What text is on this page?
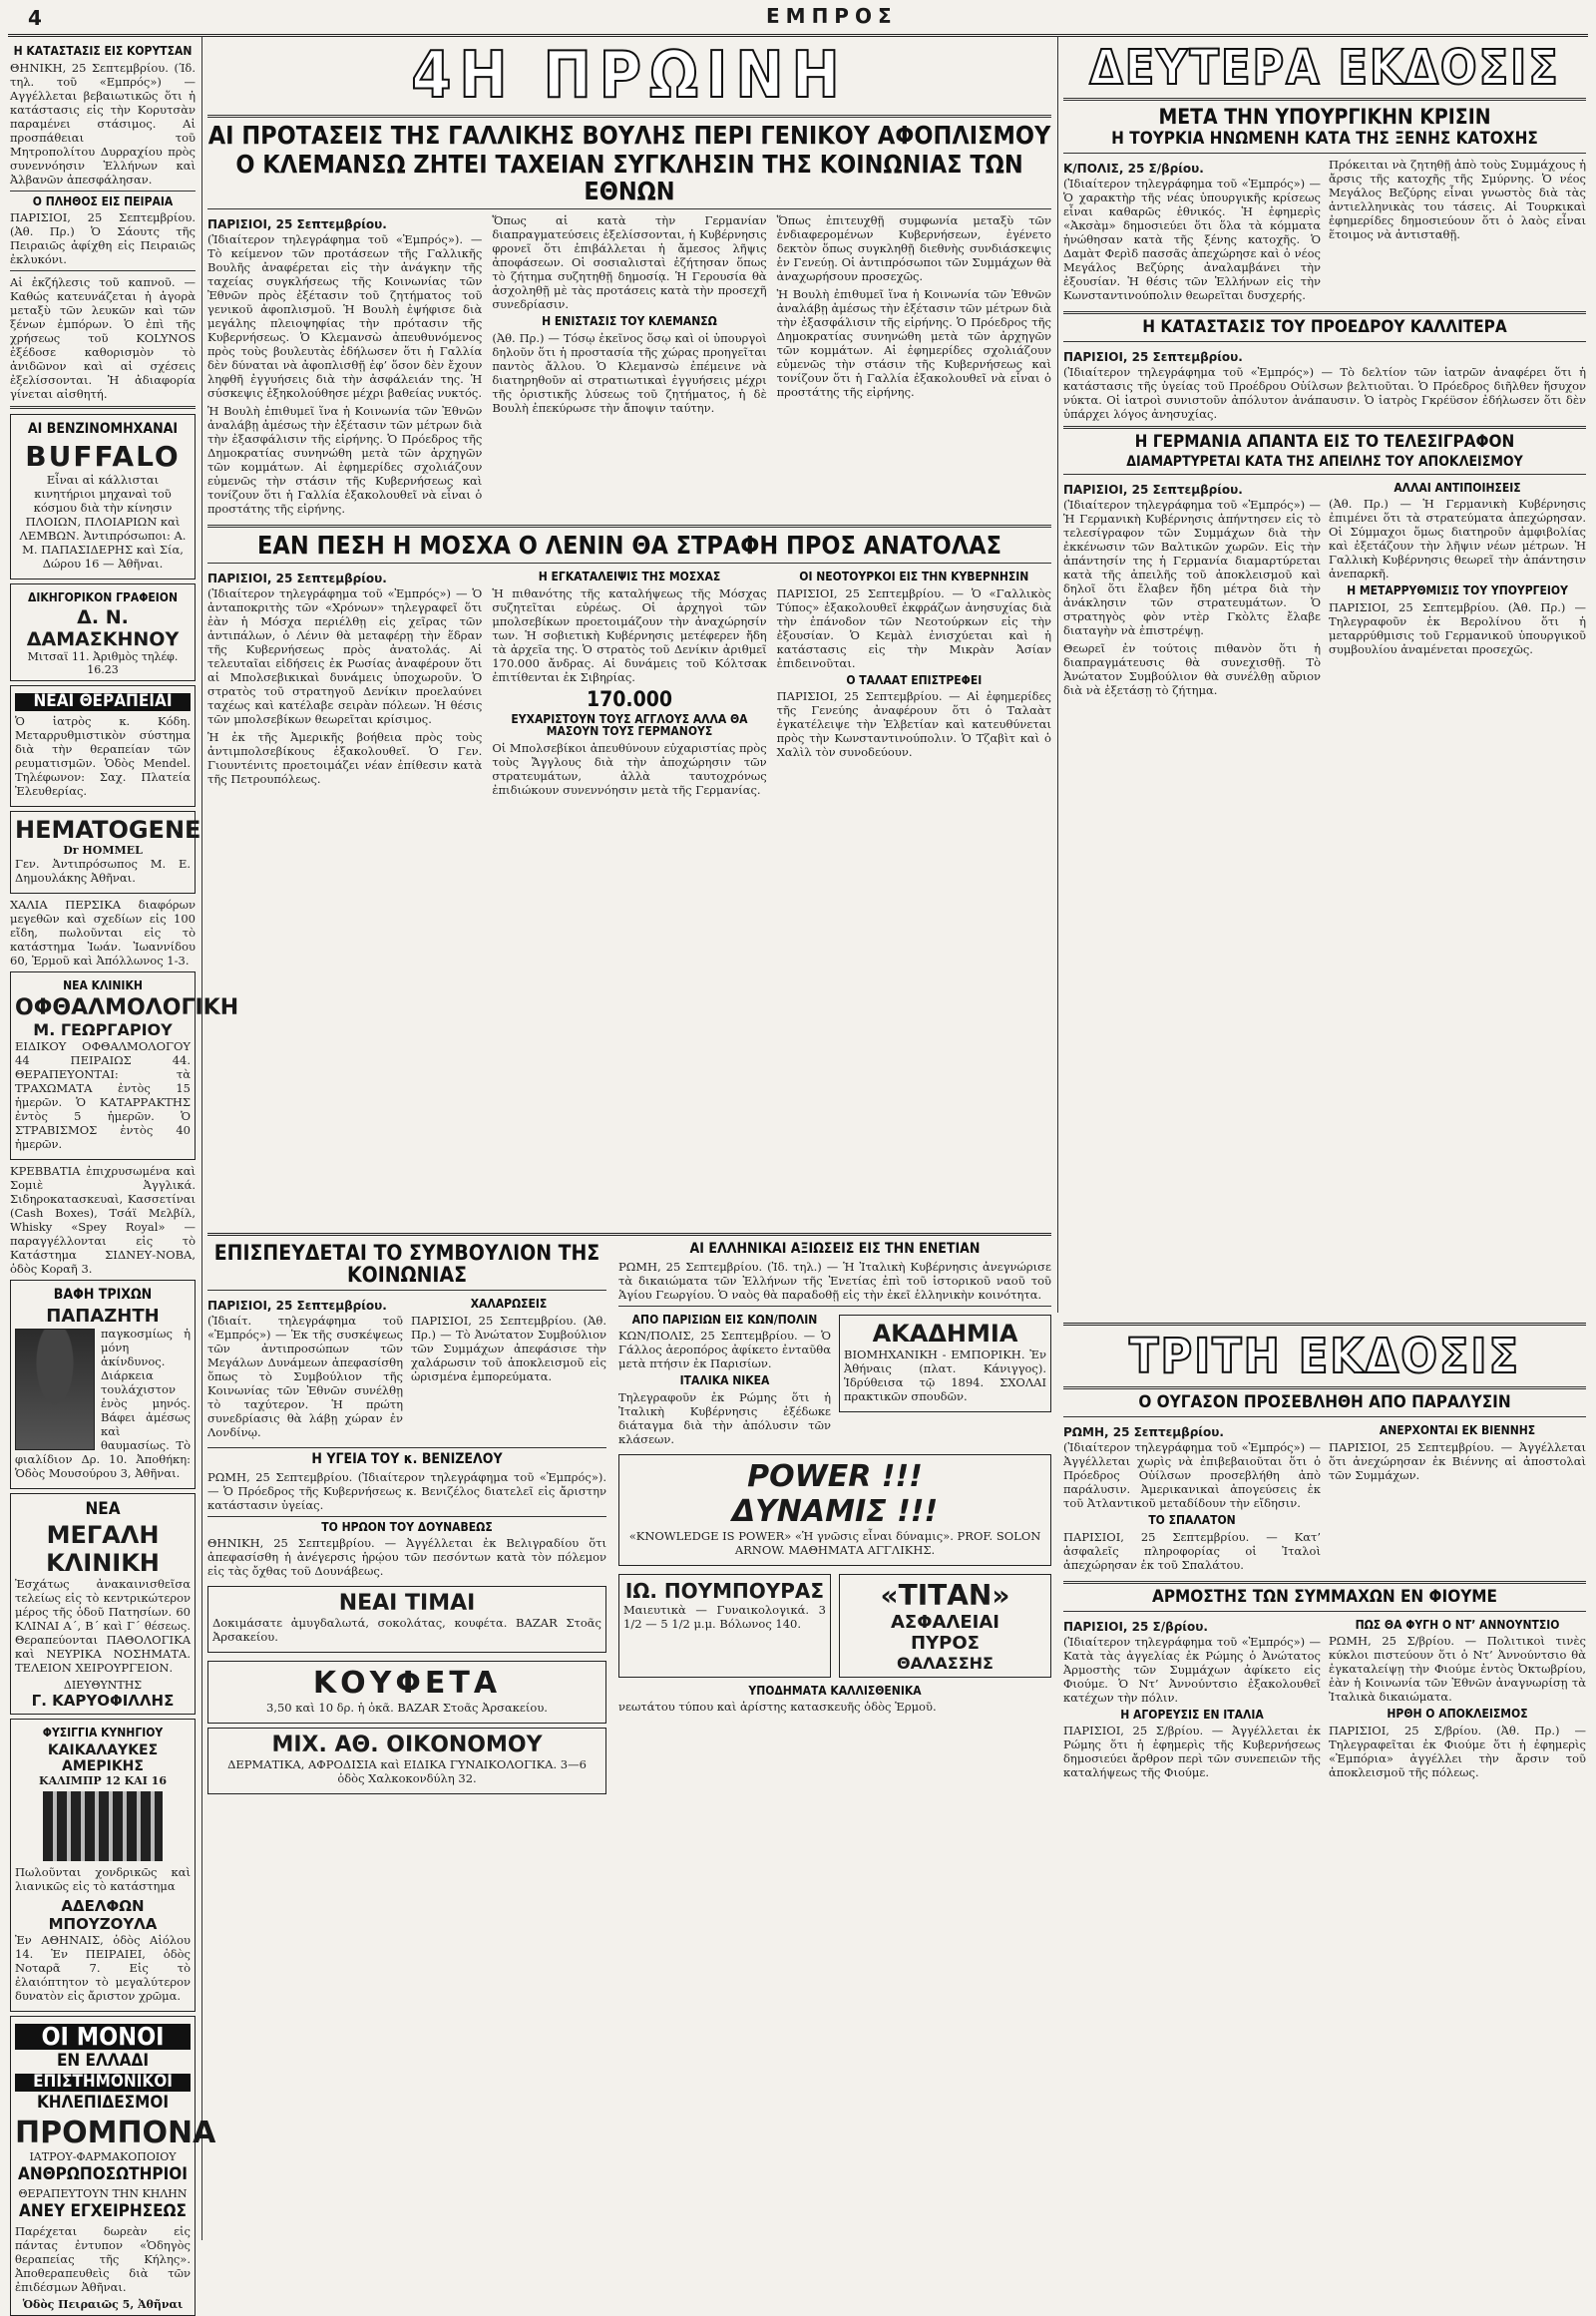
4	ΕΜΠΡΟΣ
Η ΚΑΤΑΣΤΑΣΙΣ ΕΙΣ ΚΟΡΥΤΣΑΝ

ΘΗΝΙΚΗ, 25 Σεπτεμβρίου. (Ίδ. τηλ. τοῦ «Εμπρός») — Αγγέλλεται βεβαιωτικῶς ὅτι ἡ κατάστασις εἰς τὴν Κορυτσὰν παραμένει στάσιμος. Αἱ προσπάθειαι τοῦ Μητροπολίτου Δυρραχίου πρὸς συνεννόησιν Ἑλλήνων καὶ Ἀλβανῶν ἀπεσφάλησαν.

Ο ΠΛΗΘΟΣ ΕΙΣ ΠΕΙΡΑΙΑ

ΠΑΡΙΣΙΟΙ, 25 Σεπτεμβρίου. (Ἀθ. Πρ.) Ὁ Σάουτς τῆς Πειραιῶς ἀφίχθη εἰς Πειραιῶς ἐκλυκόνι.

Αἱ ἐκζήλεσις τοῦ καπνοῦ. — Καθώς κατευνάζεται ἡ ἀγορὰ μεταξὺ τῶν λευκῶν καὶ τῶν ξένων ἐμπόρων. Ὁ ἐπὶ τῆς χρήσεως τοῦ KOLYNOS ἐξέδοσε καθορισμὸν τὸ ἀνιδῶνον καὶ αἱ σχέσεις ἐξελίσσονται. Ἡ ἀδιαφορία γίνεται αἰσθητή.

ΑΙ ΒΕΝΖΙΝΟΜΗΧΑΝΑΙ
BUFFALO

Εἶναι αἱ κάλλισται κινητήριοι μηχαναὶ τοῦ κόσμου διὰ τὴν κίνησιν ΠΛΟΙΩΝ, ΠΛΟΙΑΡΙΩΝ καὶ ΛΕΜΒΩΝ. Ἀντιπρόσωποι: Α. Μ. ΠΑΠΑΣΙΔΕΡΗΣ καὶ Σία, Δώρου 16 — Ἀθῆναι.

ΔΙΚΗΓΟΡΙΚΟΝ ΓΡΑΦΕΙΟΝ
Δ. Ν. ΔΑΜΑΣΚΗΝΟΥ
Μιτσαϊ 11. Ἀριθμὸς τηλέφ. 16.23
ΝΕΑΙ ΘΕΡΑΠΕΙΑΙ

Ὁ ἰατρὸς κ. Κόδη. Μεταρρυθμιστικὸν σύστημα διὰ τὴν θεραπείαν τῶν ρευματισμῶν. Ὁδὸς Mendel. Τηλέφωνον: Σαχ. Πλατεία Ἐλευθερίας.

HEMATOGENE
Dr HOMMEL

Γεν. Ἀντιπρόσωπος Μ. Ε. Δημουλάκης Ἀθῆναι.

ΧΑΛΙΑ ΠΕΡΣΙΚΑ διαφόρων μεγεθῶν καὶ σχεδίων εἰς 100 εἴδη, πωλοῦνται εἰς τὸ κατάστημα Ἰωάν. Ἰωαννίδου 60, Ἑρμοῦ καὶ Ἀπόλλωνος 1-3.

ΝΕΑ ΚΛΙΝΙΚΗ
ΟΦΘΑΛΜΟΛΟΓΙΚΗ
Μ. ΓΕΩΡΓΑΡΙΟΥ

ΕΙΔΙΚΟΥ ΟΦΘΑΛΜΟΛΟΓΟΥ 44 ΠΕΙΡΑΙΩΣ 44. ΘΕΡΑΠΕΥΟΝΤΑΙ: τὰ ΤΡΑΧΩΜΑΤΑ ἐντὸς 15 ἡμερῶν. Ὁ ΚΑΤΑΡΡΑΚΤΗΣ ἐντὸς 5 ἡμερῶν. Ὁ ΣΤΡΑΒΙΣΜΟΣ ἐντὸς 40 ἡμερῶν.

ΚΡΕΒΒΑΤΙΑ ἐπιχρυσωμένα καὶ Σομιὲ Ἀγγλικά. Σιδηροκατασκευαὶ, Κασσετίναι (Cash Boxes), Τσάϊ Μελβίλ, Whisky «Spey Royal» — παραγγέλλονται εἰς τὸ Κατάστημα ΣΙΔΝΕΥ-ΝΟΒΑ, ὁδὸς Κοραῆ 3.

ΒΑΦΗ ΤΡΙΧΩΝ
ΠΑΠΑΖΗΤΗ

παγκοσμίως ἡ μόνη ἀκίνδυνος. Διάρκεια τουλάχιστον ἑνὸς μηνός. Βάφει ἀμέσως καὶ θαυμασίως. Τὸ φιαλίδιον Δρ. 10. Ἀποθήκη: Ὁδὸς Μουσούρου 3, Ἀθῆναι.

ΝΕΑ
ΜΕΓΑΛΗ ΚΛΙΝΙΚΗ

Ἐσχάτως ἀνακαινισθεῖσα τελείως εἰς τὸ κεντρικώτερον μέρος τῆς ὁδοῦ Πατησίων. 60 ΚΛΙΝΑΙ Α΄, Β΄ καὶ Γ΄ θέσεως. Θεραπεύονται ΠΑΘΟΛΟΓΙΚΑ καὶ ΝΕΥΡΙΚΑ ΝΟΣΗΜΑΤΑ. ΤΕΛΕΙΟΝ ΧΕΙΡΟΥΡΓΕΙΟΝ.

ΔΙΕΥΘΥΝΤΗΣ
Γ. ΚΑΡΥΟΦΙΛΛΗΣ
ΦΥΣΙΓΓΙΑ ΚΥΝΗΓΙΟΥ
ΚΑΙΚΑΛΑΥΚΕΣ ΑΜΕΡΙΚΗΣ
ΚΑΛΙΜΠΡ 12 ΚΑΙ 16

Πωλοῦνται χονδρικῶς καὶ λιανικῶς εἰς τὸ κατάστημα

ΑΔΕΛΦΩΝ ΜΠΟΥΖΟΥΛΑ

Ἐν ΑΘΗΝΑΙΣ, ὁδὸς Αἰόλου 14. Ἐν ΠΕΙΡΑΙΕΙ, ὁδὸς Νοταρᾶ 7. Εἰς τὸ ἐλαιόπτητον τὸ μεγαλύτερον δυνατὸν εἰς ἄριστον χρῶμα.

ΟΙ ΜΟΝΟΙ
ΕΝ ΕΛΛΑΔΙ
ΕΠΙΣΤΗΜΟΝΙΚΟΙ
ΚΗΛΕΠΙΔΕΣΜΟΙ
ΠΡΟΜΠΟΝΑ
ΙΑΤΡΟΥ-ΦΑΡΜΑΚΟΠΟΙΟΥ
ΑΝΘΡΩΠΟΣΩΤΗΡΙΟΙ
ΘΕΡΑΠΕΥΤΟΥΝ ΤΗΝ ΚΗΛΗΝ
ΑΝΕΥ ΕΓΧΕΙΡΗΣΕΩΣ

Παρέχεται δωρεὰν εἰς πάντας ἐντυπον «Ὁδηγὸς θεραπείας τῆς Κήλης». Ἀποθεραπευθεὶς διὰ τῶν ἐπιδέσμων Ἀθῆναι.

Ὁδὸς Πειραιῶς 5, Ἀθῆναι
4Η ΠΡΩΙΝΗ
ΑΙ ΠΡΟΤΑΣΕΙΣ ΤΗΣ ΓΑΛΛΙΚΗΣ ΒΟΥΛΗΣ ΠΕΡΙ ΓΕΝΙΚΟΥ ΑΦΟΠΛΙΣΜΟΥ
Ο ΚΛΕΜΑΝΣΩ ΖΗΤΕΙ ΤΑΧΕΙΑΝ ΣΥΓΚΛΗΣΙΝ ΤΗΣ ΚΟΙΝΩΝΙΑΣ ΤΩΝ ΕΘΝΩΝ
ΠΑΡΙΣΙΟΙ, 25 Σεπτεμβρίου.

(Ἰδιαίτερον τηλεγράφημα τοῦ «Ἐμπρός»). — Τὸ κείμενον τῶν προτάσεων τῆς Γαλλικῆς Βουλῆς ἀναφέρεται εἰς τὴν ἀνάγκην τῆς ταχείας συγκλήσεως τῆς Κοινωνίας τῶν Ἐθνῶν πρὸς ἐξέτασιν τοῦ ζητήματος τοῦ γενικοῦ ἀφοπλισμοῦ. Ἡ Βουλὴ ἐψήφισε διὰ μεγάλης πλειοψηφίας τὴν πρότασιν τῆς Κυβερνήσεως. Ὁ Κλεμανσὼ ἀπευθυνόμενος πρὸς τοὺς βουλευτὰς ἐδήλωσεν ὅτι ἡ Γαλλία δὲν δύναται νὰ ἀφοπλισθῇ ἐφ’ ὅσον δὲν ἔχουν ληφθῆ ἐγγυήσεις διὰ τὴν ἀσφάλειάν της. Ἡ σύσκεψις ἐξηκολούθησε μέχρι βαθείας νυκτός.

Ἡ Βουλὴ ἐπιθυμεῖ ἵνα ἡ Κοινωνία τῶν Ἐθνῶν ἀναλάβῃ ἀμέσως τὴν ἐξέτασιν τῶν μέτρων διὰ τὴν ἐξασφάλισιν τῆς εἰρήνης. Ὁ Πρόεδρος τῆς Δημοκρατίας συνηνώθη μετὰ τῶν ἀρχηγῶν τῶν κομμάτων. Αἱ ἐφημερίδες σχολιάζουν εὐμενῶς τὴν στάσιν τῆς Κυβερνήσεως καὶ τονίζουν ὅτι ἡ Γαλλία ἐξακολουθεῖ νὰ εἶναι ὁ προστάτης τῆς εἰρήνης.

Ὅπως αἱ κατὰ τὴν Γερμανίαν διαπραγματεύσεις ἐξελίσσονται, ἡ Κυβέρνησις φρονεῖ ὅτι ἐπιβάλλεται ἡ ἄμεσος λῆψις ἀποφάσεων. Οἱ σοσιαλισταὶ ἐζήτησαν ὅπως τὸ ζήτημα συζητηθῇ δημοσίᾳ. Ἡ Γερουσία θὰ ἀσχοληθῇ μὲ τὰς προτάσεις κατὰ τὴν προσεχῆ συνεδρίασιν.

Η ΕΝΙΣΤΑΣΙΣ ΤΟΥ ΚΛΕΜΑΝΣΩ

(Ἀθ. Πρ.) — Τόσῳ ἐκεῖνος ὅσῳ καὶ οἱ ὑπουργοὶ δηλοῦν ὅτι ἡ προστασία τῆς χώρας προηγεῖται παντὸς ἄλλου. Ὁ Κλεμανσὼ ἐπέμεινε νὰ διατηρηθοῦν αἱ στρατιωτικαὶ ἐγγυήσεις μέχρι τῆς ὁριστικῆς λύσεως τοῦ ζητήματος, ἡ δὲ Βουλὴ ἐπεκύρωσε τὴν ἄποψιν ταύτην.

Ὅπως ἐπιτευχθῇ συμφωνία μεταξὺ τῶν ἐνδιαφερομένων Κυβερνήσεων, ἐγένετο δεκτὸν ὅπως συγκληθῇ διεθνὴς συνδιάσκεψις ἐν Γενεύῃ. Οἱ ἀντιπρόσωποι τῶν Συμμάχων θὰ ἀναχωρήσουν προσεχῶς.

Ἡ Βουλὴ ἐπιθυμεῖ ἵνα ἡ Κοινωνία τῶν Ἐθνῶν ἀναλάβῃ ἀμέσως τὴν ἐξέτασιν τῶν μέτρων διὰ τὴν ἐξασφάλισιν τῆς εἰρήνης. Ὁ Πρόεδρος τῆς Δημοκρατίας συνηνώθη μετὰ τῶν ἀρχηγῶν τῶν κομμάτων. Αἱ ἐφημερίδες σχολιάζουν εὐμενῶς τὴν στάσιν τῆς Κυβερνήσεως καὶ τονίζουν ὅτι ἡ Γαλλία ἐξακολουθεῖ νὰ εἶναι ὁ προστάτης τῆς εἰρήνης.

ΕΑΝ ΠΕΣΗ Η ΜΟΣΧΑ Ο ΛΕΝΙΝ ΘΑ ΣΤΡΑΦΗ ΠΡΟΣ ΑΝΑΤΟΛΑΣ
ΠΑΡΙΣΙΟΙ, 25 Σεπτεμβρίου.

(Ἰδιαίτερον τηλεγράφημα τοῦ «Ἐμπρός») — Ὁ ἀνταποκριτὴς τῶν «Χρόνων» τηλεγραφεῖ ὅτι ἐὰν ἡ Μόσχα περιέλθῃ εἰς χεῖρας τῶν ἀντιπάλων, ὁ Λένιν θὰ μεταφέρῃ τὴν ἕδραν τῆς Κυβερνήσεως πρὸς ἀνατολάς. Αἱ τελευταῖαι εἰδήσεις ἐκ Ρωσίας ἀναφέρουν ὅτι αἱ Μπολσεβικικαὶ δυνάμεις ὑποχωροῦν. Ὁ στρατὸς τοῦ στρατηγοῦ Δενίκιν προελαύνει ταχέως καὶ κατέλαβε σειρὰν πόλεων. Ἡ θέσις τῶν μπολσεβίκων θεωρεῖται κρίσιμος.

Ἡ ἐκ τῆς Ἀμερικῆς βοήθεια πρὸς τοὺς ἀντιμπολσεβίκους ἐξακολουθεῖ. Ὁ Γεν. Γιουντένιτς προετοιμάζει νέαν ἐπίθεσιν κατὰ τῆς Πετρουπόλεως.

Η ΕΓΚΑΤΑΛΕΙΨΙΣ ΤΗΣ ΜΟΣΧΑΣ

Ἡ πιθανότης τῆς καταλήψεως τῆς Μόσχας συζητεῖται εὐρέως. Οἱ ἀρχηγοὶ τῶν μπολσεβίκων προετοιμάζουν τὴν ἀναχώρησίν των. Ἡ σοβιετικὴ Κυβέρνησις μετέφερεν ἤδη τὰ ἀρχεῖα της. Ὁ στρατὸς τοῦ Δενίκιν ἀριθμεῖ 170.000 ἄνδρας. Αἱ δυνάμεις τοῦ Κόλτσακ ἐπιτίθενται ἐκ Σιβηρίας.

170.000
ΕΥΧΑΡΙΣΤΟΥΝ ΤΟΥΣ ΑΓΓΛΟΥΣ ΑΛΛΑ ΘΑ ΜΑΣΟΥΝ ΤΟΥΣ ΓΕΡΜΑΝΟΥΣ

Οἱ Μπολσεβίκοι ἀπευθύνουν εὐχαριστίας πρὸς τοὺς Ἄγγλους διὰ τὴν ἀποχώρησιν τῶν στρατευμάτων, ἀλλὰ ταυτοχρόνως ἐπιδιώκουν συνεννόησιν μετὰ τῆς Γερμανίας.

ΟΙ ΝΕΟΤΟΥΡΚΟΙ ΕΙΣ ΤΗΝ ΚΥΒΕΡΝΗΣΙΝ

ΠΑΡΙΣΙΟΙ, 25 Σεπτεμβρίου. — Ὁ «Γαλλικὸς Τύπος» ἐξακολουθεῖ ἐκφράζων ἀνησυχίας διὰ τὴν ἐπάνοδον τῶν Νεοτούρκων εἰς τὴν ἐξουσίαν. Ὁ Κεμὰλ ἐνισχύεται καὶ ἡ κατάστασις εἰς τὴν Μικρὰν Ἀσίαν ἐπιδεινοῦται.

Ο ΤΑΛΑΑΤ ΕΠΙΣΤΡΕΦΕΙ

ΠΑΡΙΣΙΟΙ, 25 Σεπτεμβρίου. — Αἱ ἐφημερίδες τῆς Γενεύης ἀναφέρουν ὅτι ὁ Ταλαὰτ ἐγκατέλειψε τὴν Ἑλβετίαν καὶ κατευθύνεται πρὸς τὴν Κωνσταντινούπολιν. Ὁ Τζαβὶτ καὶ ὁ Χαλὶλ τὸν συνοδεύουν.

ΕΠΙΣΠΕΥΔΕΤΑΙ ΤΟ ΣΥΜΒΟΥΛΙΟΝ ΤΗΣ ΚΟΙΝΩΝΙΑΣ
ΠΑΡΙΣΙΟΙ, 25 Σεπτεμβρίου.

(Ἰδιαίτ. τηλεγράφημα τοῦ «Ἐμπρός») — Ἐκ τῆς συσκέψεως τῶν ἀντιπροσώπων τῶν Μεγάλων Δυνάμεων ἀπεφασίσθη ὅπως τὸ Συμβούλιον τῆς Κοινωνίας τῶν Ἐθνῶν συνέλθῃ τὸ ταχύτερον. Ἡ πρώτη συνεδρίασις θὰ λάβῃ χώραν ἐν Λονδίνῳ.

ΧΑΛΑΡΩΣΕΙΣ

ΠΑΡΙΣΙΟΙ, 25 Σεπτεμβρίου. (Ἀθ. Πρ.) — Τὸ Ἀνώτατον Συμβούλιον τῶν Συμμάχων ἀπεφάσισε τὴν χαλάρωσιν τοῦ ἀποκλεισμοῦ εἰς ὡρισμένα ἐμπορεύματα.

Η ΥΓΕΙΑ ΤΟΥ κ. ΒΕΝΙΖΕΛΟΥ

ΡΩΜΗ, 25 Σεπτεμβρίου. (Ἰδιαίτερον τηλεγράφημα τοῦ «Ἐμπρός»). — Ὁ Πρόεδρος τῆς Κυβερνήσεως κ. Βενιζέλος διατελεῖ εἰς ἄριστην κατάστασιν ὑγείας.

ΤΟ ΗΡΩΟΝ ΤΟΥ ΔΟΥΝΑΒΕΩΣ

ΘΗΝΙΚΗ, 25 Σεπτεμβρίου. — Ἀγγέλλεται ἐκ Βελιγραδίου ὅτι ἀπεφασίσθη ἡ ἀνέγερσις ἡρῴου τῶν πεσόντων κατὰ τὸν πόλεμον εἰς τὰς ὄχθας τοῦ Δουνάβεως.

ΝΕΑΙ ΤΙΜΑΙ

Δοκιμάσατε ἀμυγδαλωτά, σοκολάτας, κουφέτα. BAZAR Στοᾶς Ἀρσακείου.

ΚΟΥΦΕΤΑ

3,50 καὶ 10 δρ. ἡ ὀκᾶ. BAZAR Στοᾶς Ἀρσακείου.

ΜΙΧ. ΑΘ. ΟΙΚΟΝΟΜΟΥ

ΔΕΡΜΑΤΙΚΑ, ΑΦΡΟΔΙΣΙΑ καὶ ΕΙΔΙΚΑ ΓΥΝΑΙΚΟΛΟΓΙΚΑ. 3—6 ὁδὸς Χαλκοκονδύλη 32.

ΑΙ ΕΛΛΗΝΙΚΑΙ ΑΞΙΩΣΕΙΣ ΕΙΣ ΤΗΝ ΕΝΕΤΙΑΝ

ΡΩΜΗ, 25 Σεπτεμβρίου. (Ἰδ. τηλ.) — Ἡ Ἰταλικὴ Κυβέρνησις ἀνεγνώρισε τὰ δικαιώματα τῶν Ἑλλήνων τῆς Ἐνετίας ἐπὶ τοῦ ἱστορικοῦ ναοῦ τοῦ Ἁγίου Γεωργίου. Ὁ ναὸς θὰ παραδοθῇ εἰς τὴν ἐκεῖ ἑλληνικὴν κοινότητα.

ΑΠΟ ΠΑΡΙΣΙΩΝ ΕΙΣ ΚΩΝ/ΠΟΛΙΝ

ΚΩΝ/ΠΟΛΙΣ, 25 Σεπτεμβρίου. — Ὁ Γάλλος ἀεροπόρος ἀφίκετο ἐνταῦθα μετὰ πτήσιν ἐκ Παρισίων.

ΙΤΑΛΙΚΑ ΝΙΚΕΑ

Τηλεγραφοῦν ἐκ Ρώμης ὅτι ἡ Ἰταλικὴ Κυβέρνησις ἐξέδωκε διάταγμα διὰ τὴν ἀπόλυσιν τῶν κλάσεων.

ΑΚΑΔΗΜΙΑ

ΒΙΟΜΗΧΑΝΙΚΗ - ΕΜΠΟΡΙΚΗ. Ἐν Ἀθήναις (πλατ. Κάνιγγος). Ἱδρύθεισα τῷ 1894. ΣΧΟΛΑΙ πρακτικῶν σπουδῶν.

POWER !!!
ΔΥΝΑΜΙΣ !!!

«KNOWLEDGE IS POWER» «Ἡ γνῶσις εἶναι δύναμις». PROF. SOLON ARNOW. ΜΑΘΗΜΑΤΑ ΑΓΓΛΙΚΗΣ.

ΙΩ. ΠΟΥΜΠΟΥΡΑΣ

Μαιευτικὰ — Γυναικολογικά. 3 1/2 — 5 1/2 μ.μ. Βόλωνος 140.

«ΤΙΤΑΝ»
ΑΣΦΑΛΕΙΑΙ
ΠΥΡΟΣ
ΘΑΛΑΣΣΗΣ
ΥΠΟΔΗΜΑΤΑ ΚΑΛΛΙΣΘΕΝΙΚΑ

νεωτάτου τύπου καὶ ἀρίστης κατασκευῆς ὁδὸς Ἑρμοῦ.

ΔΕΥΤΕΡΑ ΕΚΔΟΣΙΣ
ΜΕΤΑ ΤΗΝ ΥΠΟΥΡΓΙΚΗΝ ΚΡΙΣΙΝ
Η ΤΟΥΡΚΙΑ ΗΝΩΜΕΝΗ ΚΑΤΑ ΤΗΣ ΞΕΝΗΣ ΚΑΤΟΧΗΣ
Κ/ΠΟΛΙΣ, 25 Σ/βρίου.

(Ἰδιαίτερον τηλεγράφημα τοῦ «Ἐμπρός») — Ὁ χαρακτὴρ τῆς νέας ὑπουργικῆς κρίσεως εἶναι καθαρῶς ἐθνικός. Ἡ ἐφημερὶς «Ἀκσὰμ» δημοσιεύει ὅτι ὅλα τὰ κόμματα ἡνώθησαν κατὰ τῆς ξένης κατοχῆς. Ὁ Δαμὰτ Φερὶδ πασσᾶς ἀπεχώρησε καὶ ὁ νέος Μεγάλος Βεζύρης ἀναλαμβάνει τὴν ἐξουσίαν. Ἡ θέσις τῶν Ἑλλήνων εἰς τὴν Κωνσταντινούπολιν θεωρεῖται δυσχερής.

Πρόκειται νὰ ζητηθῇ ἀπὸ τοὺς Συμμάχους ἡ ἄρσις τῆς κατοχῆς τῆς Σμύρνης. Ὁ νέος Μεγάλος Βεζύρης εἶναι γνωστὸς διὰ τὰς ἀντιελληνικὰς του τάσεις. Αἱ Τουρκικαὶ ἐφημερίδες δημοσιεύουν ὅτι ὁ λαὸς εἶναι ἕτοιμος νὰ ἀντισταθῇ.

Η ΚΑΤΑΣΤΑΣΙΣ ΤΟΥ ΠΡΟΕΔΡΟΥ ΚΑΛΛΙΤΕΡΑ
ΠΑΡΙΣΙΟΙ, 25 Σεπτεμβρίου.

(Ἰδιαίτερον τηλεγράφημα τοῦ «Ἐμπρός») — Τὸ δελτίον τῶν ἰατρῶν ἀναφέρει ὅτι ἡ κατάστασις τῆς ὑγείας τοῦ Προέδρου Οὐίλσων βελτιοῦται. Ὁ Πρόεδρος διῆλθεν ἥσυχον νύκτα. Οἱ ἰατροὶ συνιστοῦν ἀπόλυτον ἀνάπαυσιν. Ὁ ἰατρὸς Γκρέϋσον ἐδήλωσεν ὅτι δὲν ὑπάρχει λόγος ἀνησυχίας.

Η ΓΕΡΜΑΝΙΑ ΑΠΑΝΤΑ ΕΙΣ ΤΟ ΤΕΛΕΣΙΓΡΑΦΟΝ
ΔΙΑΜΑΡΤΥΡΕΤΑΙ ΚΑΤΑ ΤΗΣ ΑΠΕΙΛΗΣ ΤΟΥ ΑΠΟΚΛΕΙΣΜΟΥ
ΠΑΡΙΣΙΟΙ, 25 Σεπτεμβρίου.

(Ἰδιαίτερον τηλεγράφημα τοῦ «Ἐμπρός») — Ἡ Γερμανικὴ Κυβέρνησις ἀπήντησεν εἰς τὸ τελεσίγραφον τῶν Συμμάχων διὰ τὴν ἐκκένωσιν τῶν Βαλτικῶν χωρῶν. Εἰς τὴν ἀπάντησίν της ἡ Γερμανία διαμαρτύρεται κατὰ τῆς ἀπειλῆς τοῦ ἀποκλεισμοῦ καὶ δηλοῖ ὅτι ἔλαβεν ἤδη μέτρα διὰ τὴν ἀνάκλησιν τῶν στρατευμάτων. Ὁ στρατηγὸς φὸν ντὲρ Γκὸλτς ἔλαβε διαταγὴν νὰ ἐπιστρέψῃ.

Θεωρεῖ ἐν τούτοις πιθανὸν ὅτι ἡ διαπραγμάτευσις θὰ συνεχισθῇ. Τὸ Ἀνώτατον Συμβούλιον θὰ συνέλθῃ αὔριον διὰ νὰ ἐξετάσῃ τὸ ζήτημα.

ΑΛΛΑΙ ΑΝΤΙΠΟΙΗΣΕΙΣ

(Ἀθ. Πρ.) — Ἡ Γερμανικὴ Κυβέρνησις ἐπιμένει ὅτι τὰ στρατεύματα ἀπεχώρησαν. Οἱ Σύμμαχοι ὅμως διατηροῦν ἀμφιβολίας καὶ ἐξετάζουν τὴν λῆψιν νέων μέτρων. Ἡ Γαλλικὴ Κυβέρνησις θεωρεῖ τὴν ἀπάντησιν ἀνεπαρκῆ.

Η ΜΕΤΑΡΡΥΘΜΙΣΙΣ ΤΟΥ ΥΠΟΥΡΓΕΙΟΥ

ΠΑΡΙΣΙΟΙ, 25 Σεπτεμβρίου. (Ἀθ. Πρ.) — Τηλεγραφοῦν ἐκ Βερολίνου ὅτι ἡ μεταρρύθμισις τοῦ Γερμανικοῦ ὑπουργικοῦ συμβουλίου ἀναμένεται προσεχῶς.

ΤΡΙΤΗ ΕΚΔΟΣΙΣ
Ο ΟΥΓΑΣΟΝ ΠΡΟΣΕΒΛΗΘΗ ΑΠΟ ΠΑΡΑΛΥΣΙΝ
ΡΩΜΗ, 25 Σεπτεμβρίου.

(Ἰδιαίτερον τηλεγράφημα τοῦ «Ἐμπρός») — Ἀγγέλλεται χωρὶς νὰ ἐπιβεβαιοῦται ὅτι ὁ Πρόεδρος Οὐίλσων προσεβλήθη ἀπὸ παράλυσιν. Ἀμερικανικαὶ ἀπογεύσεις ἐκ τοῦ Ἀτλαντικοῦ μεταδίδουν τὴν εἴδησιν.

ΤΟ ΣΠΑΛΑΤΟΝ

ΠΑΡΙΣΙΟΙ, 25 Σεπτεμβρίου. — Κατ’ ἀσφαλεῖς πληροφορίας οἱ Ἰταλοὶ ἀπεχώρησαν ἐκ τοῦ Σπαλάτου.

ΑΝΕΡΧΟΝΤΑΙ ΕΚ ΒΙΕΝΝΗΣ

ΠΑΡΙΣΙΟΙ, 25 Σεπτεμβρίου. — Ἀγγέλλεται ὅτι ἀνεχώρησαν ἐκ Βιέννης αἱ ἀποστολαὶ τῶν Συμμάχων.

ΑΡΜΟΣΤΗΣ ΤΩΝ ΣΥΜΜΑΧΩΝ ΕΝ ΦΙΟΥΜΕ
ΠΑΡΙΣΙΟΙ, 25 Σ/βρίου.

(Ἰδιαίτερον τηλεγράφημα τοῦ «Ἐμπρός») — Κατὰ τὰς ἀγγελίας ἐκ Ρώμης ὁ Ἀνώτατος Ἀρμοστὴς τῶν Συμμάχων ἀφίκετο εἰς Φιούμε. Ὁ Ντ’ Ἀννούντσιο ἐξακολουθεῖ κατέχων τὴν πόλιν.

Η ΑΓΟΡΕΥΣΙΣ ΕΝ ΙΤΑΛΙΑ

ΠΑΡΙΣΙΟΙ, 25 Σ/βρίου. — Ἀγγέλλεται ἐκ Ρώμης ὅτι ἡ ἐφημερὶς τῆς Κυβερνήσεως δημοσιεύει ἄρθρον περὶ τῶν συνεπειῶν τῆς καταλήψεως τῆς Φιούμε.

ΠΩΣ ΘΑ ΦΥΓΗ Ο ΝΤ’ ΑΝΝΟΥΝΤΣΙΟ

ΡΩΜΗ, 25 Σ/βρίου. — Πολιτικοὶ τινὲς κύκλοι πιστεύουν ὅτι ὁ Ντ’ Ἀννούντσιο θὰ ἐγκαταλείψῃ τὴν Φιούμε ἐντὸς Ὀκτωβρίου, ἐὰν ἡ Κοινωνία τῶν Ἐθνῶν ἀναγνωρίσῃ τὰ Ἰταλικὰ δικαιώματα.

ΗΡΘΗ Ο ΑΠΟΚΛΕΙΣΜΟΣ

ΠΑΡΙΣΙΟΙ, 25 Σ/βρίου. (Ἀθ. Πρ.) — Τηλεγραφεῖται ἐκ Φιούμε ὅτι ἡ ἐφημερὶς «Ἐμπόρια» ἀγγέλλει τὴν ἄρσιν τοῦ ἀποκλεισμοῦ τῆς πόλεως.
